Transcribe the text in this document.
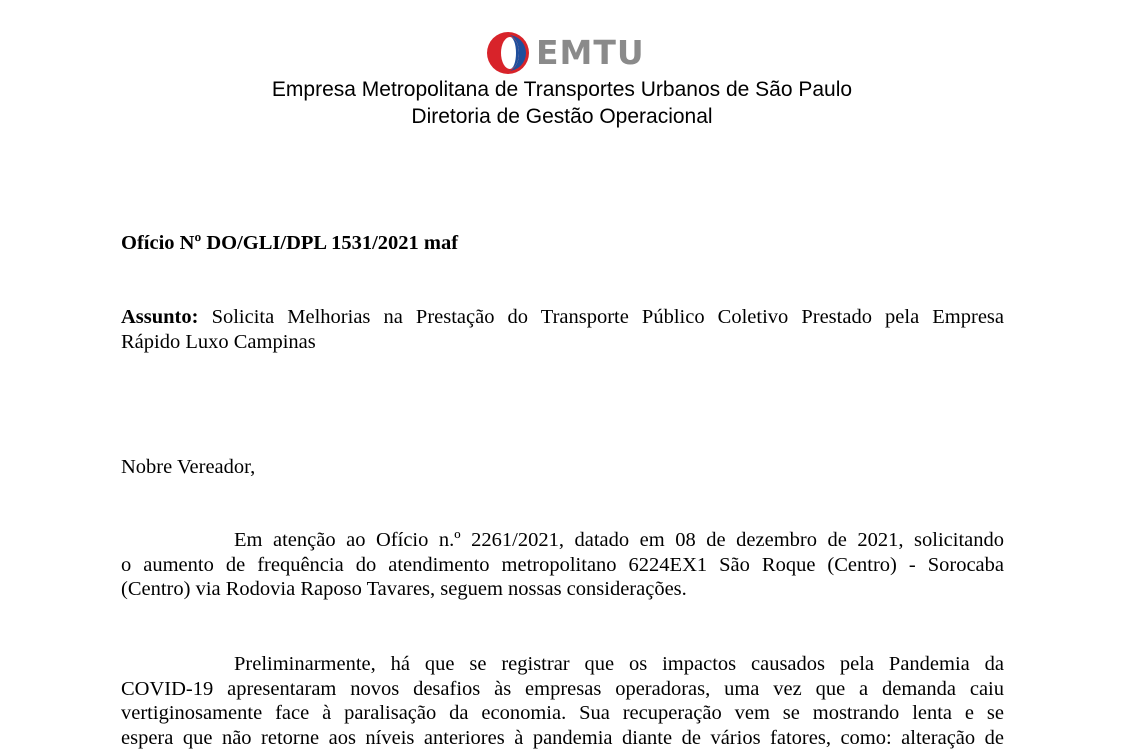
EMTU
Empresa Metropolitana de Transportes Urbanos de São Paulo
Diretoria de Gestão Operacional
Ofício Nº DO/GLI/DPL 1531/2021 maf
Assunto: Solicita Melhorias na Prestação do Transporte Público Coletivo Prestado pela Empresa
Rápido Luxo Campinas
Nobre Vereador,
Em atenção ao Ofício n.º 2261/2021, datado em 08 de dezembro de 2021, solicitando
o aumento de frequência do atendimento metropolitano 6224EX1 São Roque (Centro) - Sorocaba
(Centro) via Rodovia Raposo Tavares, seguem nossas considerações.
Preliminarmente, há que se registrar que os impactos causados pela Pandemia da
COVID-19 apresentaram novos desafios às empresas operadoras, uma vez que a demanda caiu
vertiginosamente face à paralisação da economia. Sua recuperação vem se mostrando lenta e se
espera que não retorne aos níveis anteriores à pandemia diante de vários fatores, como: alteração de
